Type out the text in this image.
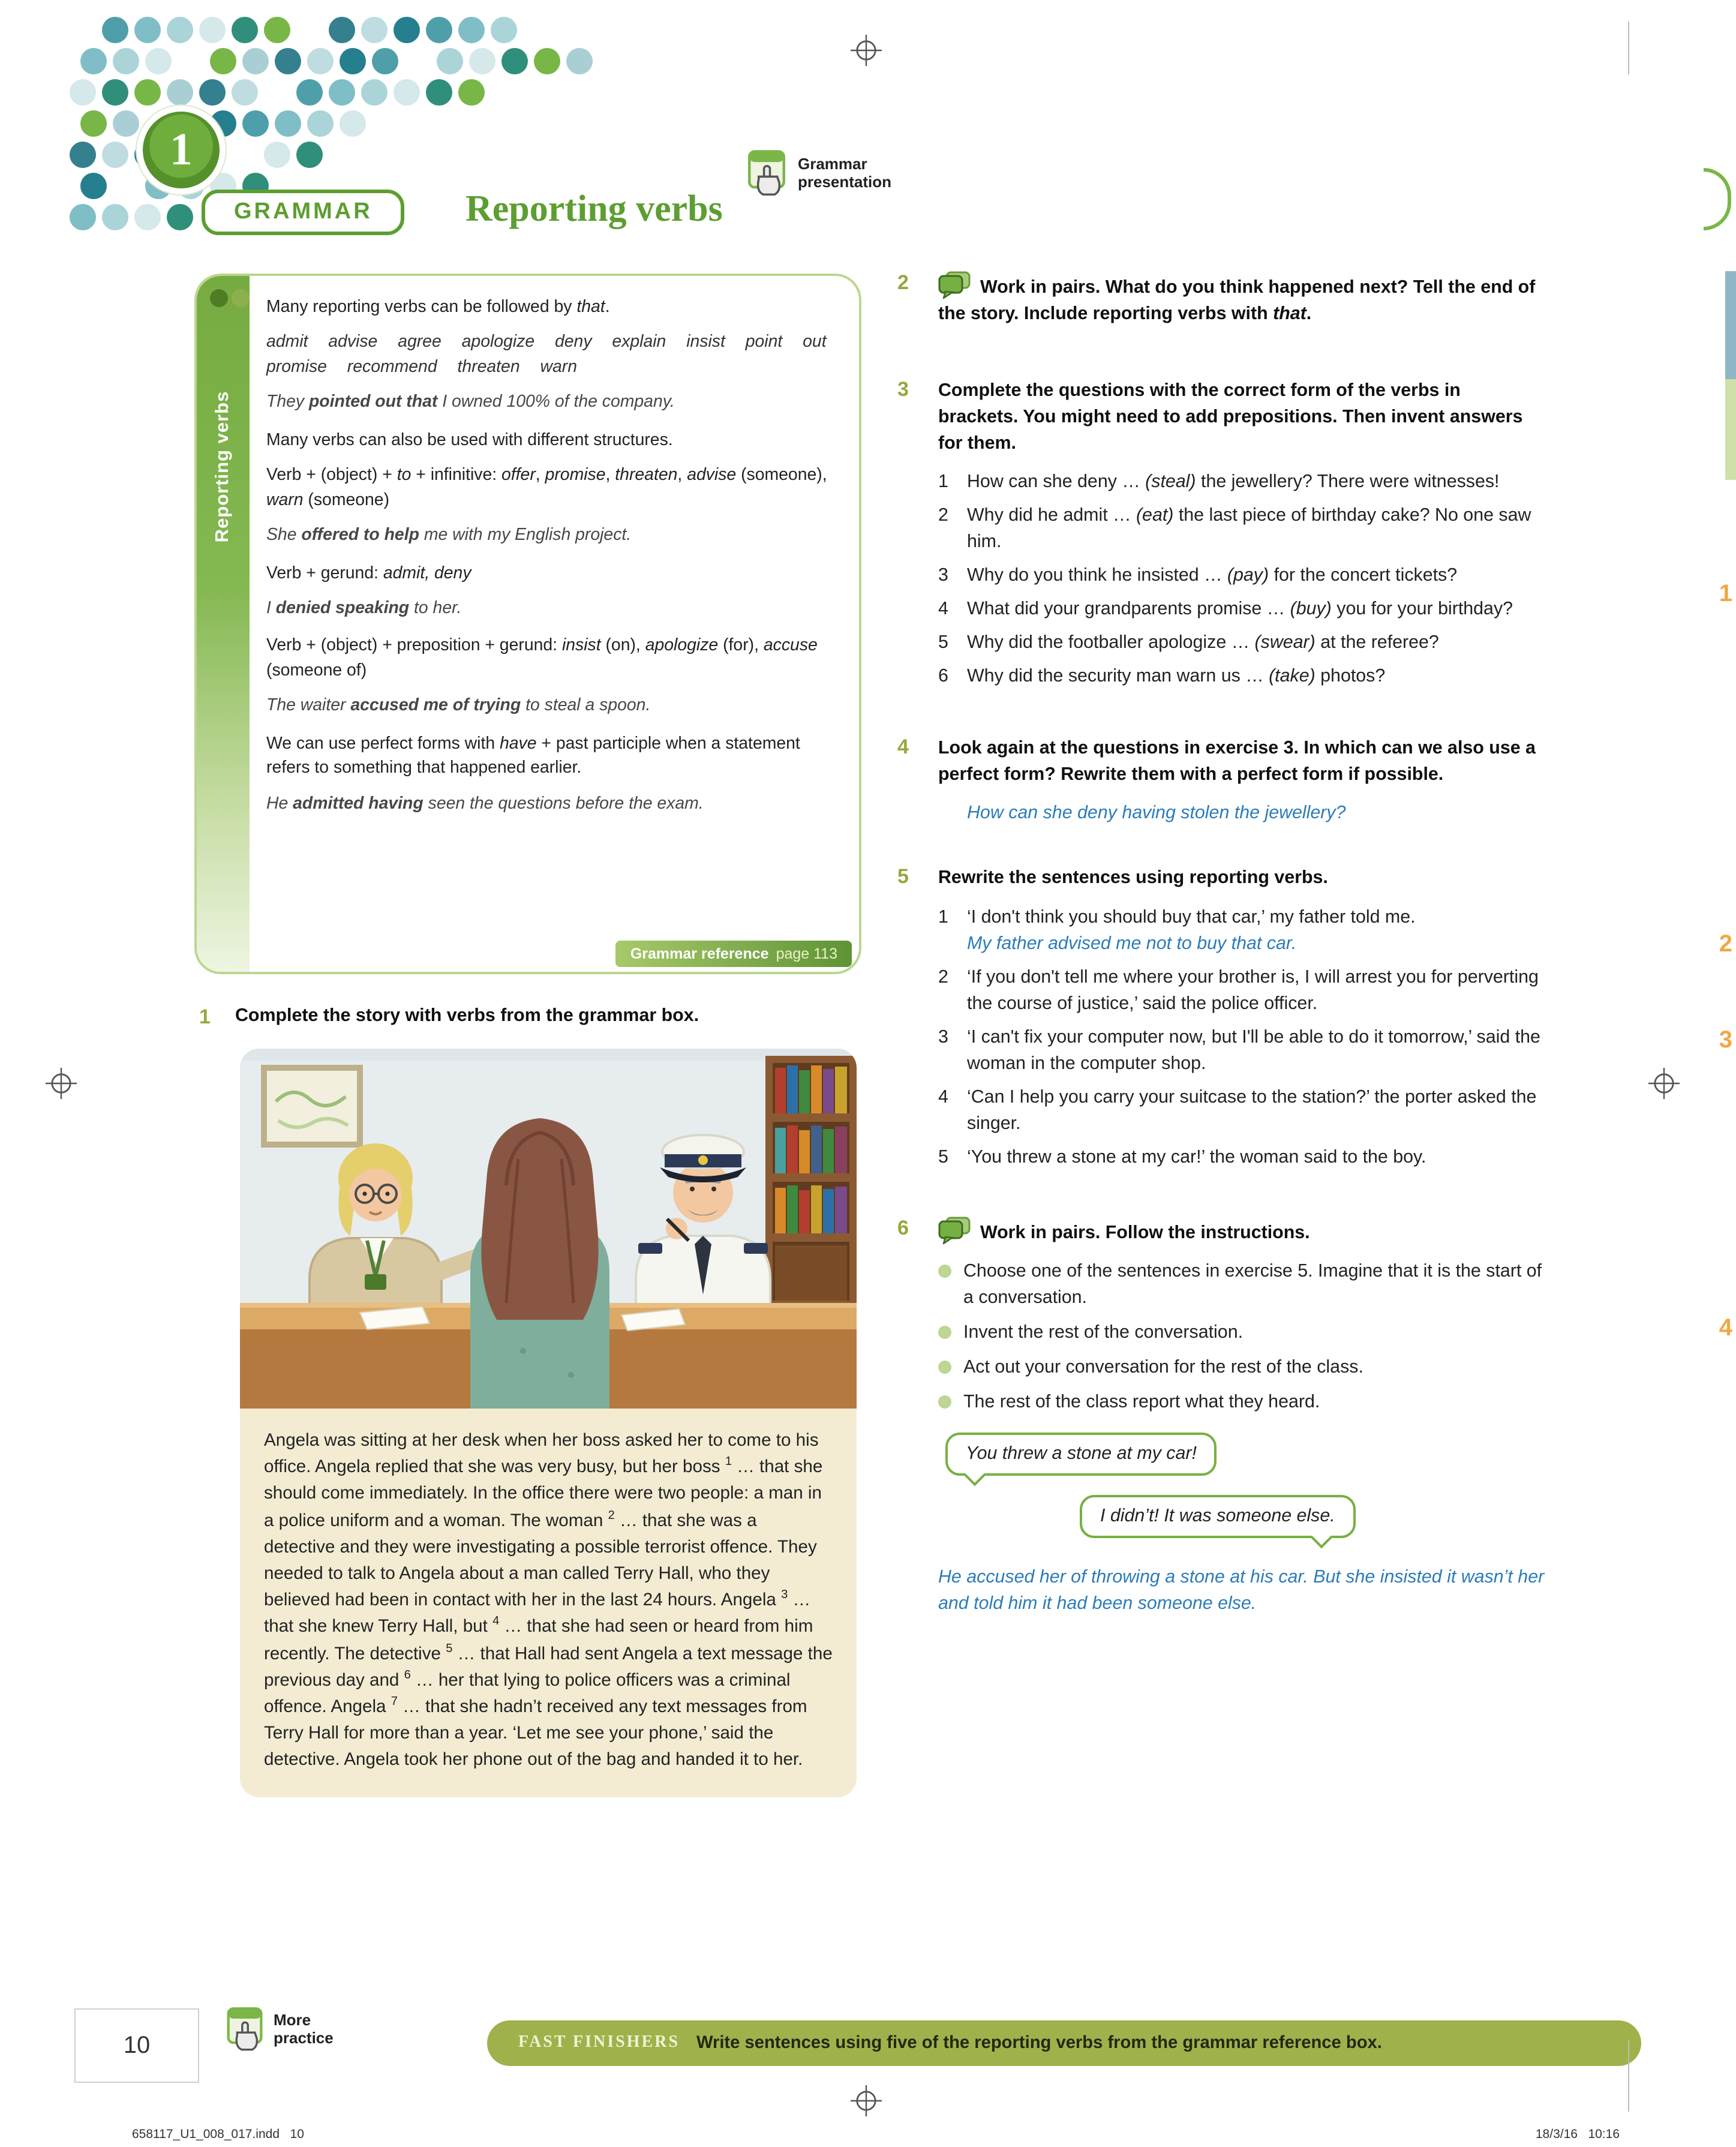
1
GRAMMAR	Reporting verbs
Grammar
presentation
Reporting verbs

Many reporting verbs can be followed by that.

admit advise agree apologize deny explain insist point out promise recommend threaten warn

They pointed out that I owned 100% of the company.

Many verbs can also be used with different structures.

Verb + (object) + to + infinitive: offer, promise, threaten, advise (someone), warn (someone)

She offered to help me with my English project.

Verb + gerund: admit, deny

I denied speaking to her.

Verb + (object) + preposition + gerund: insist (on), apologize (for), accuse (someone of)

The waiter accused me of trying to steal a spoon.

We can use perfect forms with have + past participle when a statement refers to something that happened earlier.

He admitted having seen the questions before the exam.

Grammar reference page 113
1	Complete the story with verbs from the grammar box.
Angela was sitting at her desk when her boss asked her to come to his office. Angela replied that she was very busy, but her boss $^1$ … that she should come immediately. In the office there were two people: a man in a police uniform and a woman. The woman $^2$ … that she was a detective and they were investigating a possible terrorist offence. They needed to talk to Angela about a man called Terry Hall, who they believed had been in contact with her in the last 24 hours. Angela $^3$ … that she knew Terry Hall, but $^4$ … that she had seen or heard from him recently. The detective $^5$ … that Hall had sent Angela a text message the previous day and $^6$ … her that lying to police officers was a criminal offence. Angela $^7$ … that she hadn’t received any text messages from Terry Hall for more than a year. ‘Let me see your phone,’ said the detective. Angela took her phone out of the bag and handed it to her.
2	Work in pairs. What do you think happened next? Tell the end of the story. Include reporting verbs with that.
3	Complete the questions with the correct form of the verbs in brackets. You might need to add prepositions. Then invent answers for them.
1	How can she deny … (steal) the jewellery? There were witnesses!
2	Why did he admit … (eat) the last piece of birthday cake? No one saw him.
3	Why do you think he insisted … (pay) for the concert tickets?
4	What did your grandparents promise … (buy) you for your birthday?
5	Why did the footballer apologize … (swear) at the referee?
6	Why did the security man warn us … (take) photos?
4	Look again at the questions in exercise 3. In which can we also use a perfect form? Rewrite them with a perfect form if possible.
How can she deny having stolen the jewellery?
5	Rewrite the sentences using reporting verbs.
1	‘I don't think you should buy that car,’ my father told me.
My father advised me not to buy that car.
2	‘If you don't tell me where your brother is, I will arrest you for perverting the course of justice,’ said the police officer.
3	‘I can't fix your computer now, but I'll be able to do it tomorrow,’ said the woman in the computer shop.
4	‘Can I help you carry your suitcase to the station?’ the porter asked the singer.
5	‘You threw a stone at my car!’ the woman said to the boy.
6	Work in pairs. Follow the instructions.
Choose one of the sentences in exercise 5. Imagine that it is the start of a conversation.
Invent the rest of the conversation.
Act out your conversation for the rest of the class.
The rest of the class report what they heard.
You threw a stone at my car!
I didn’t! It was someone else.
He accused her of throwing a stone at his car. But she insisted it wasn’t her and told him it had been someone else.
10
More
practice	FAST FINISHERS Write sentences using five of the reporting verbs from the grammar reference box.
658117_U1_008_017.indd   10	18/3/16   10:16
1
2
3
4
